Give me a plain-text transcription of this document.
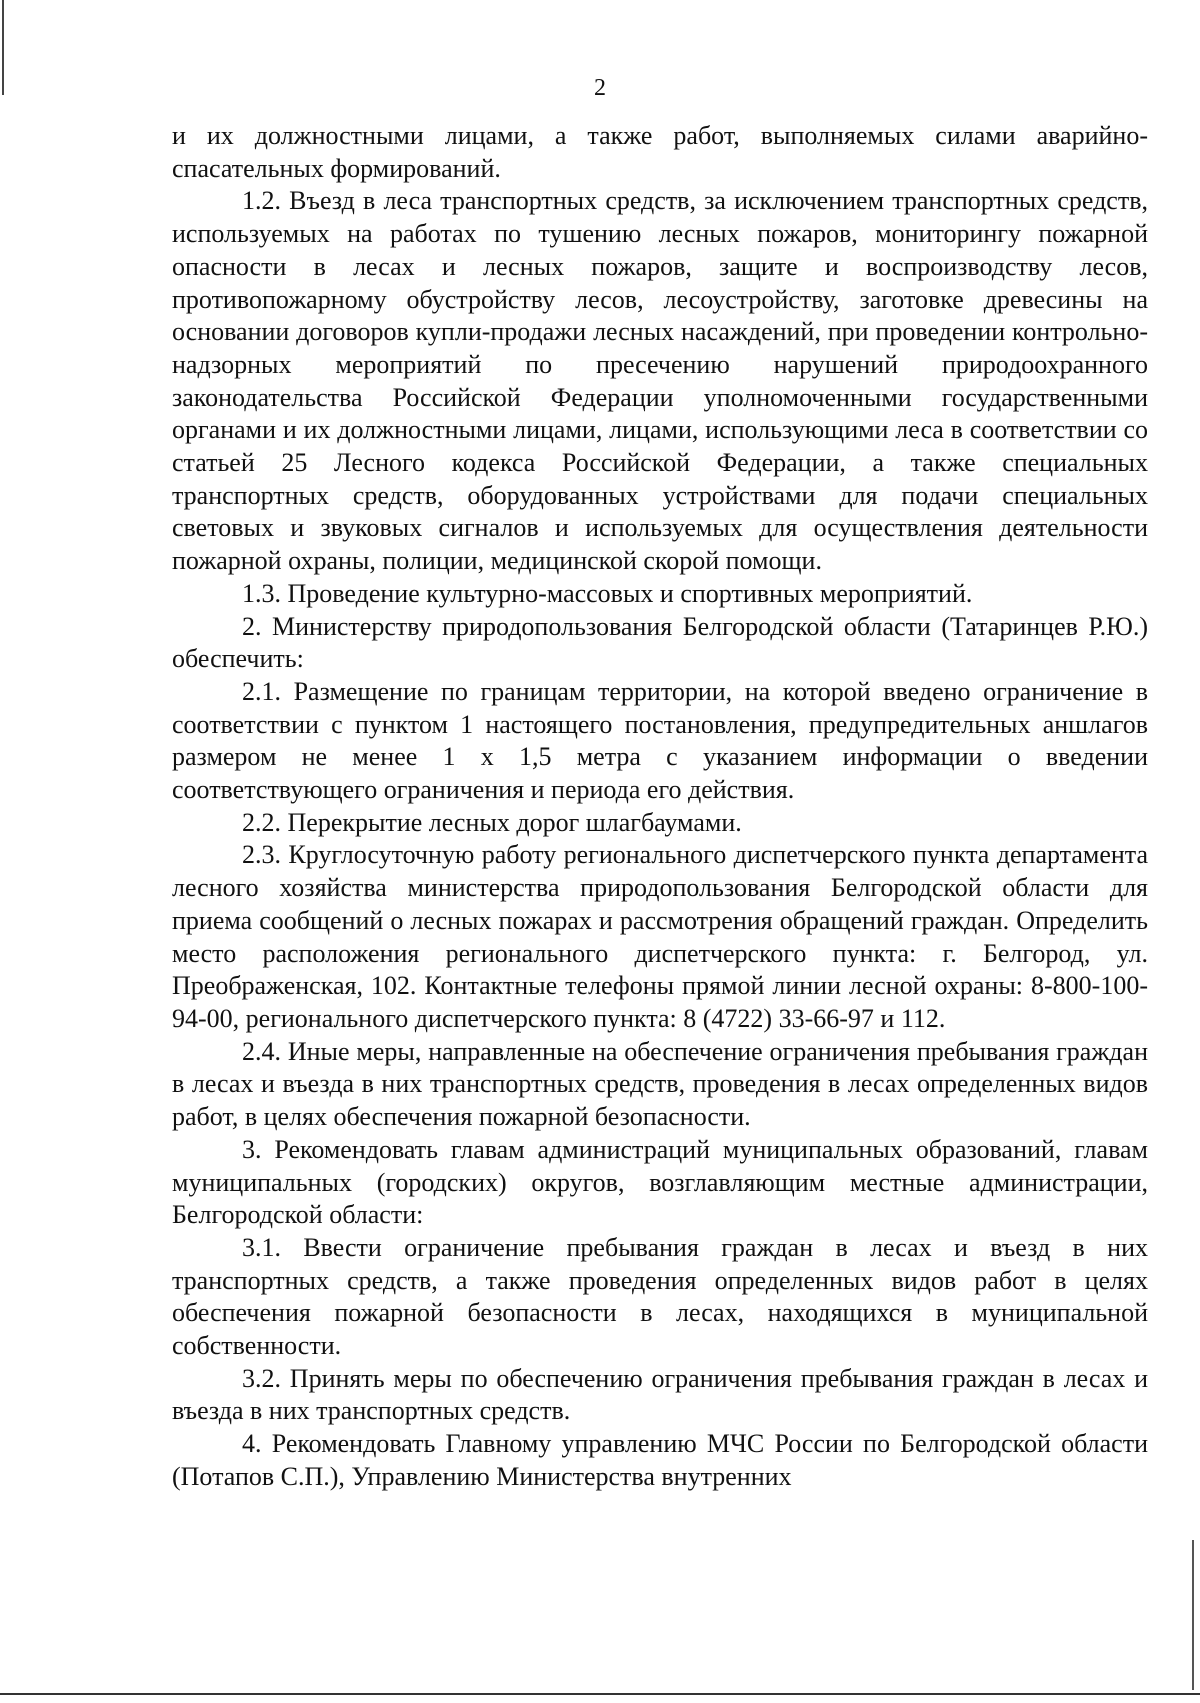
2

и их должностными лицами, а также работ, выполняемых силами аварийно-спасательных формирований.

1.2. Въезд в леса транспортных средств, за исключением транспортных средств, используемых на работах по тушению лесных пожаров, мониторингу пожарной опасности в лесах и лесных пожаров, защите и воспроизводству лесов, противопожарному обустройству лесов, лесоустройству, заготовке древесины на основании договоров купли-продажи лесных насаждений, при проведении контрольно-надзорных мероприятий по пресечению нарушений природоохранного законодательства Российской Федерации уполномоченными государственными органами и их должностными лицами, лицами, использующими леса в соответствии со статьей 25 Лесного кодекса Российской Федерации, а также специальных транспортных средств, оборудованных устройствами для подачи специальных световых и звуковых сигналов и используемых для осуществления деятельности пожарной охраны, полиции, медицинской скорой помощи.

1.3. Проведение культурно-массовых и спортивных мероприятий.

2. Министерству природопользования Белгородской области (Татаринцев Р.Ю.) обеспечить:

2.1. Размещение по границам территории, на которой введено ограничение в соответствии с пунктом 1 настоящего постановления, предупредительных аншлагов размером не менее 1 x 1,5 метра с указанием информации о введении соответствующего ограничения и периода его действия.

2.2. Перекрытие лесных дорог шлагбаумами.

2.3. Круглосуточную работу регионального диспетчерского пункта департамента лесного хозяйства министерства природопользования Белгородской области для приема сообщений о лесных пожарах и рассмотрения обращений граждан. Определить место расположения регионального диспетчерского пункта: г. Белгород, ул. Преображенская, 102. Контактные телефоны прямой линии лесной охраны: 8-800-100-94-00, регионального диспетчерского пункта: 8 (4722) 33-66-97 и 112.

2.4. Иные меры, направленные на обеспечение ограничения пребывания граждан в лесах и въезда в них транспортных средств, проведения в лесах определенных видов работ, в целях обеспечения пожарной безопасности.

3. Рекомендовать главам администраций муниципальных образований, главам муниципальных (городских) округов, возглавляющим местные администрации, Белгородской области:

3.1. Ввести ограничение пребывания граждан в лесах и въезд в них транспортных средств, а также проведения определенных видов работ в целях обеспечения пожарной безопасности в лесах, находящихся в муниципальной собственности.

3.2. Принять меры по обеспечению ограничения пребывания граждан в лесах и въезда в них транспортных средств.

4. Рекомендовать Главному управлению МЧС России по Белгородской области (Потапов С.П.), Управлению Министерства внутренних
